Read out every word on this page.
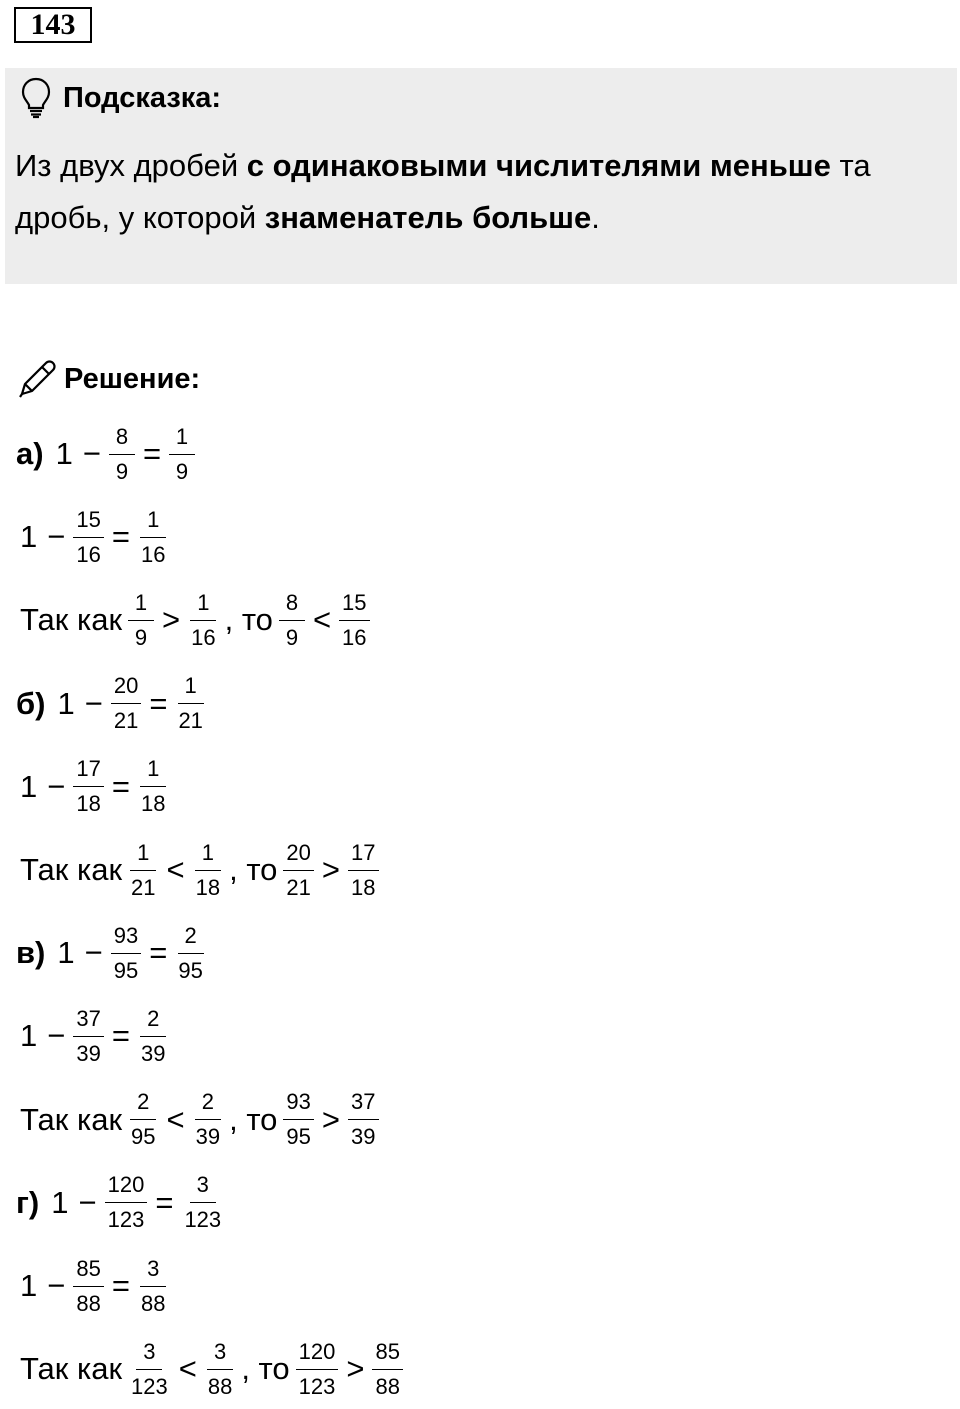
143
Подсказка:
Из двух дробей с одинаковыми числителями меньше та дробь, у которой знаменатель больше.
Решение:
а) $1 - \frac{8}{9} = \frac{1}{9}$
$1 - \frac{15}{16} = \frac{1}{16}$
Так как $\frac{1}{9} > \frac{1}{16}$ , то $\frac{8}{9} < \frac{15}{16}$
б) $1 - \frac{20}{21} = \frac{1}{21}$
$1 - \frac{17}{18} = \frac{1}{18}$
Так как $\frac{1}{21} < \frac{1}{18}$ , то $\frac{20}{21} > \frac{17}{18}$
в) $1 - \frac{93}{95} = \frac{2}{95}$
$1 - \frac{37}{39} = \frac{2}{39}$
Так как $\frac{2}{95} < \frac{2}{39}$ , то $\frac{93}{95} > \frac{37}{39}$
г) $1 - \frac{120}{123} = \frac{3}{123}$
$1 - \frac{85}{88} = \frac{3}{88}$
Так как $\frac{3}{123} < \frac{3}{88}$ , то $\frac{120}{123} > \frac{85}{88}$
